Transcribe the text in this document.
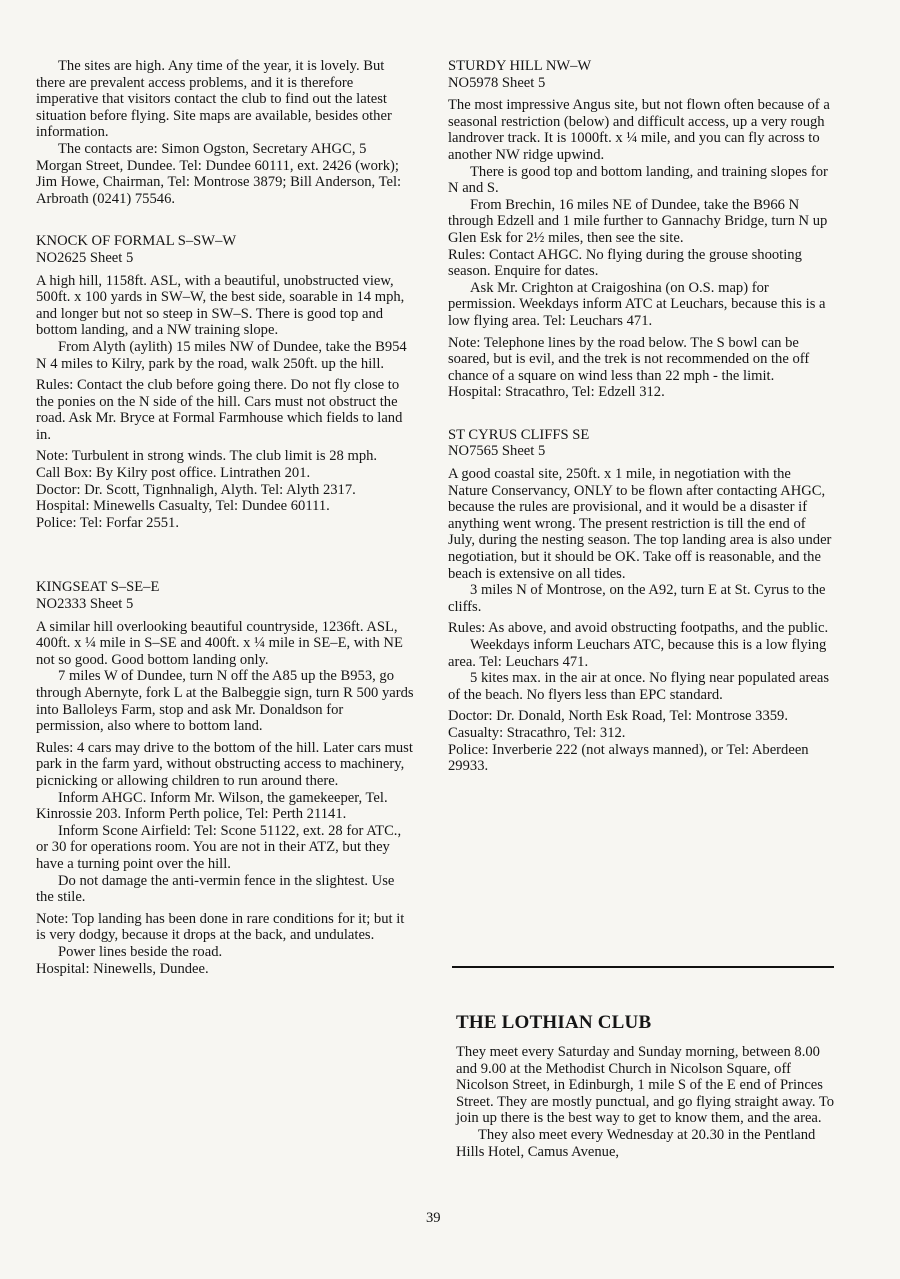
The sites are high. Any time of the year, it is lovely. But there are prevalent access problems, and it is therefore imperative that visitors contact the club to find out the latest situation before flying. Site maps are available, besides other information.

The contacts are: Simon Ogston, Secretary AHGC, 5 Morgan Street, Dundee. Tel: Dundee 60111, ext. 2426 (work); Jim Howe, Chairman, Tel: Montrose 3879; Bill Anderson, Tel: Arbroath (0241) 75546.

KNOCK OF FORMAL S–SW–W

NO2625 Sheet 5

A high hill, 1158ft. ASL, with a beautiful, unobstructed view, 500ft. x 100 yards in SW–W, the best side, soarable in 14 mph, and longer but not so steep in SW–S. There is good top and bottom landing, and a NW training slope.

From Alyth (aylith) 15 miles NW of Dundee, take the B954 N 4 miles to Kilry, park by the road, walk 250ft. up the hill.

Rules: Contact the club before going there. Do not fly close to the ponies on the N side of the hill. Cars must not obstruct the road. Ask Mr. Bryce at Formal Farmhouse which fields to land in.

Note: Turbulent in strong winds. The club limit is 28 mph.

Call Box: By Kilry post office. Lintrathen 201.

Doctor: Dr. Scott, Tignhnaligh, Alyth. Tel: Alyth 2317.

Hospital: Minewells Casualty, Tel: Dundee 60111.

Police: Tel: Forfar 2551.

KINGSEAT S–SE–E

NO2333 Sheet 5

A similar hill overlooking beautiful countryside, 1236ft. ASL, 400ft. x ¼ mile in S–SE and 400ft. x ¼ mile in SE–E, with NE not so good. Good bottom landing only.

7 miles W of Dundee, turn N off the A85 up the B953, go through Abernyte, fork L at the Balbeggie sign, turn R 500 yards into Balloleys Farm, stop and ask Mr. Donaldson for permission, also where to bottom land.

Rules: 4 cars may drive to the bottom of the hill. Later cars must park in the farm yard, without obstructing access to machinery, picnicking or allowing children to run around there.

Inform AHGC. Inform Mr. Wilson, the gamekeeper, Tel. Kinrossie 203. Inform Perth police, Tel: Perth 21141.

Inform Scone Airfield: Tel: Scone 51122, ext. 28 for ATC., or 30 for operations room. You are not in their ATZ, but they have a turning point over the hill.

Do not damage the anti-vermin fence in the slightest. Use the stile.

Note: Top landing has been done in rare conditions for it; but it is very dodgy, because it drops at the back, and undulates.

Power lines beside the road.

Hospital: Ninewells, Dundee.

STURDY HILL NW–W

NO5978 Sheet 5

The most impressive Angus site, but not flown often because of a seasonal restriction (below) and difficult access, up a very rough landrover track. It is 1000ft. x ¼ mile, and you can fly across to another NW ridge upwind.

There is good top and bottom landing, and training slopes for N and S.

From Brechin, 16 miles NE of Dundee, take the B966 N through Edzell and 1 mile further to Gannachy Bridge, turn N up Glen Esk for 2½ miles, then see the site.

Rules: Contact AHGC. No flying during the grouse shooting season. Enquire for dates.

Ask Mr. Crighton at Craigoshina (on O.S. map) for permission. Weekdays inform ATC at Leuchars, because this is a low flying area. Tel: Leuchars 471.

Note: Telephone lines by the road below. The S bowl can be soared, but is evil, and the trek is not recommended on the off chance of a square on wind less than 22 mph - the limit.

Hospital: Stracathro, Tel: Edzell 312.

ST CYRUS CLIFFS SE

NO7565 Sheet 5

A good coastal site, 250ft. x 1 mile, in negotiation with the Nature Conservancy, ONLY to be flown after contacting AHGC, because the rules are provisional, and it would be a disaster if anything went wrong. The present restriction is till the end of July, during the nesting season. The top landing area is also under negotiation, but it should be OK. Take off is reasonable, and the beach is extensive on all tides.

3 miles N of Montrose, on the A92, turn E at St. Cyrus to the cliffs.

Rules: As above, and avoid obstructing footpaths, and the public.

Weekdays inform Leuchars ATC, because this is a low flying area. Tel: Leuchars 471.

5 kites max. in the air at once. No flying near populated areas of the beach. No flyers less than EPC standard.

Doctor: Dr. Donald, North Esk Road, Tel: Montrose 3359.

Casualty: Stracathro, Tel: 312.

Police: Inverberie 222 (not always manned), or Tel: Aberdeen 29933.

THE LOTHIAN CLUB

They meet every Saturday and Sunday morning, between 8.00 and 9.00 at the Methodist Church in Nicolson Square, off Nicolson Street, in Edinburgh, 1 mile S of the E end of Princes Street. They are mostly punctual, and go flying straight away. To join up there is the best way to get to know them, and the area.

They also meet every Wednesday at 20.30 in the Pentland Hills Hotel, Camus Avenue,

39
